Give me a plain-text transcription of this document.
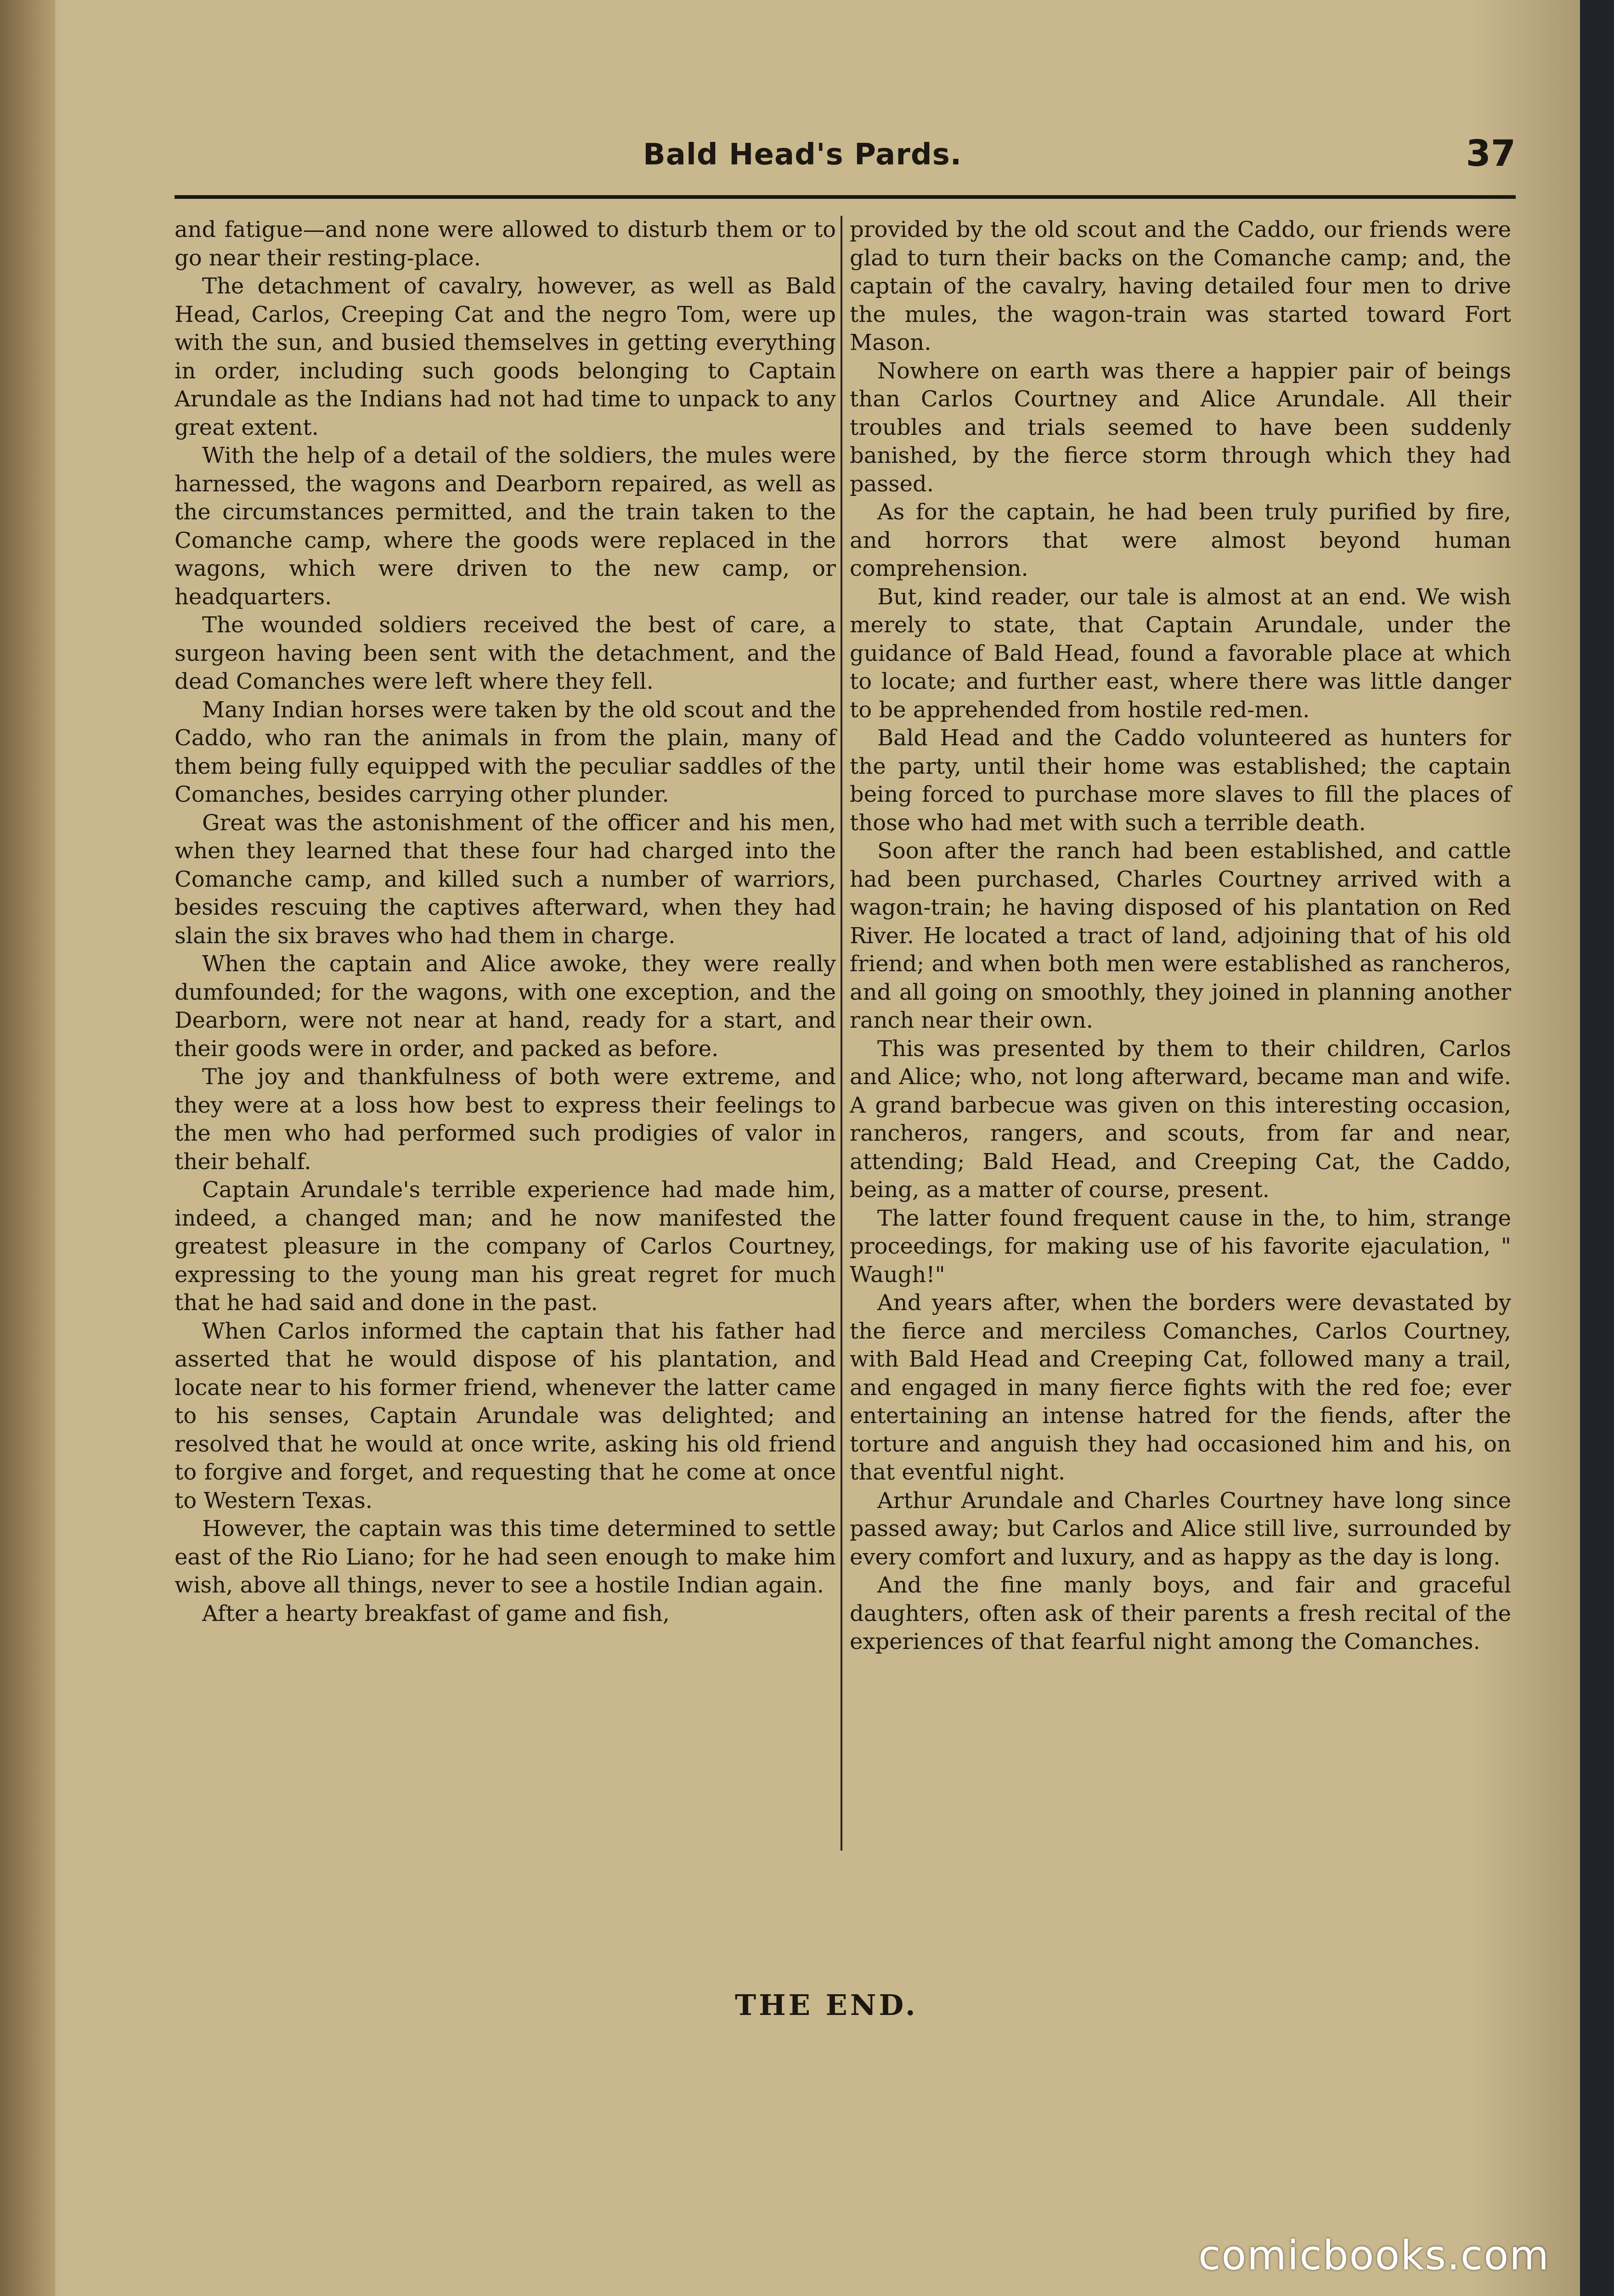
Bald Head's Pards.	37

and fatigue—and none were allowed to disturb them or to go near their resting-place.

The detachment of cavalry, however, as well as Bald Head, Carlos, Creeping Cat and the negro Tom, were up with the sun, and busied themselves in getting everything in order, including such goods belonging to Captain Arundale as the Indians had not had time to unpack to any great extent.

With the help of a detail of the soldiers, the mules were harnessed, the wagons and Dearborn repaired, as well as the circumstances permitted, and the train taken to the Comanche camp, where the goods were replaced in the wagons, which were driven to the new camp, or headquarters.

The wounded soldiers received the best of care, a surgeon having been sent with the detachment, and the dead Comanches were left where they fell.

Many Indian horses were taken by the old scout and the Caddo, who ran the animals in from the plain, many of them being fully equipped with the peculiar saddles of the Comanches, besides carrying other plunder.

Great was the astonishment of the officer and his men, when they learned that these four had charged into the Comanche camp, and killed such a number of warriors, besides rescuing the captives afterward, when they had slain the six braves who had them in charge.

When the captain and Alice awoke, they were really dumfounded; for the wagons, with one exception, and the Dearborn, were not near at hand, ready for a start, and their goods were in order, and packed as before.

The joy and thankfulness of both were extreme, and they were at a loss how best to express their feelings to the men who had performed such prodigies of valor in their behalf.

Captain Arundale's terrible experience had made him, indeed, a changed man; and he now manifested the greatest pleasure in the company of Carlos Courtney, expressing to the young man his great regret for much that he had said and done in the past.

When Carlos informed the captain that his father had asserted that he would dispose of his plantation, and locate near to his former friend, whenever the latter came to his senses, Captain Arundale was delighted; and resolved that he would at once write, asking his old friend to forgive and forget, and requesting that he come at once to Western Texas.

However, the captain was this time determined to settle east of the Rio Liano; for he had seen enough to make him wish, above all things, never to see a hostile Indian again.

After a hearty breakfast of game and fish,

provided by the old scout and the Caddo, our friends were glad to turn their backs on the Comanche camp; and, the captain of the cavalry, having detailed four men to drive the mules, the wagon-train was started toward Fort Mason.

Nowhere on earth was there a happier pair of beings than Carlos Courtney and Alice Arundale. All their troubles and trials seemed to have been suddenly banished, by the fierce storm through which they had passed.

As for the captain, he had been truly purified by fire, and horrors that were almost beyond human comprehension.

But, kind reader, our tale is almost at an end. We wish merely to state, that Captain Arundale, under the guidance of Bald Head, found a favorable place at which to locate; and further east, where there was little danger to be apprehended from hostile red-men.

Bald Head and the Caddo volunteered as hunters for the party, until their home was established; the captain being forced to purchase more slaves to fill the places of those who had met with such a terrible death.

Soon after the ranch had been established, and cattle had been purchased, Charles Courtney arrived with a wagon-train; he having disposed of his plantation on Red River. He located a tract of land, adjoining that of his old friend; and when both men were established as rancheros, and all going on smoothly, they joined in planning another ranch near their own.

This was presented by them to their children, Carlos and Alice; who, not long afterward, became man and wife. A grand barbecue was given on this interesting occasion, rancheros, rangers, and scouts, from far and near, attending; Bald Head, and Creeping Cat, the Caddo, being, as a matter of course, present.

The latter found frequent cause in the, to him, strange proceedings, for making use of his favorite ejaculation, " Waugh!"

And years after, when the borders were devastated by the fierce and merciless Comanches, Carlos Courtney, with Bald Head and Creeping Cat, followed many a trail, and engaged in many fierce fights with the red foe; ever entertaining an intense hatred for the fiends, after the torture and anguish they had occasioned him and his, on that eventful night.

Arthur Arundale and Charles Courtney have long since passed away; but Carlos and Alice still live, surrounded by every comfort and luxury, and as happy as the day is long.

And the fine manly boys, and fair and graceful daughters, often ask of their parents a fresh recital of the experiences of that fearful night among the Comanches.

THE END.
comicbooks.com
